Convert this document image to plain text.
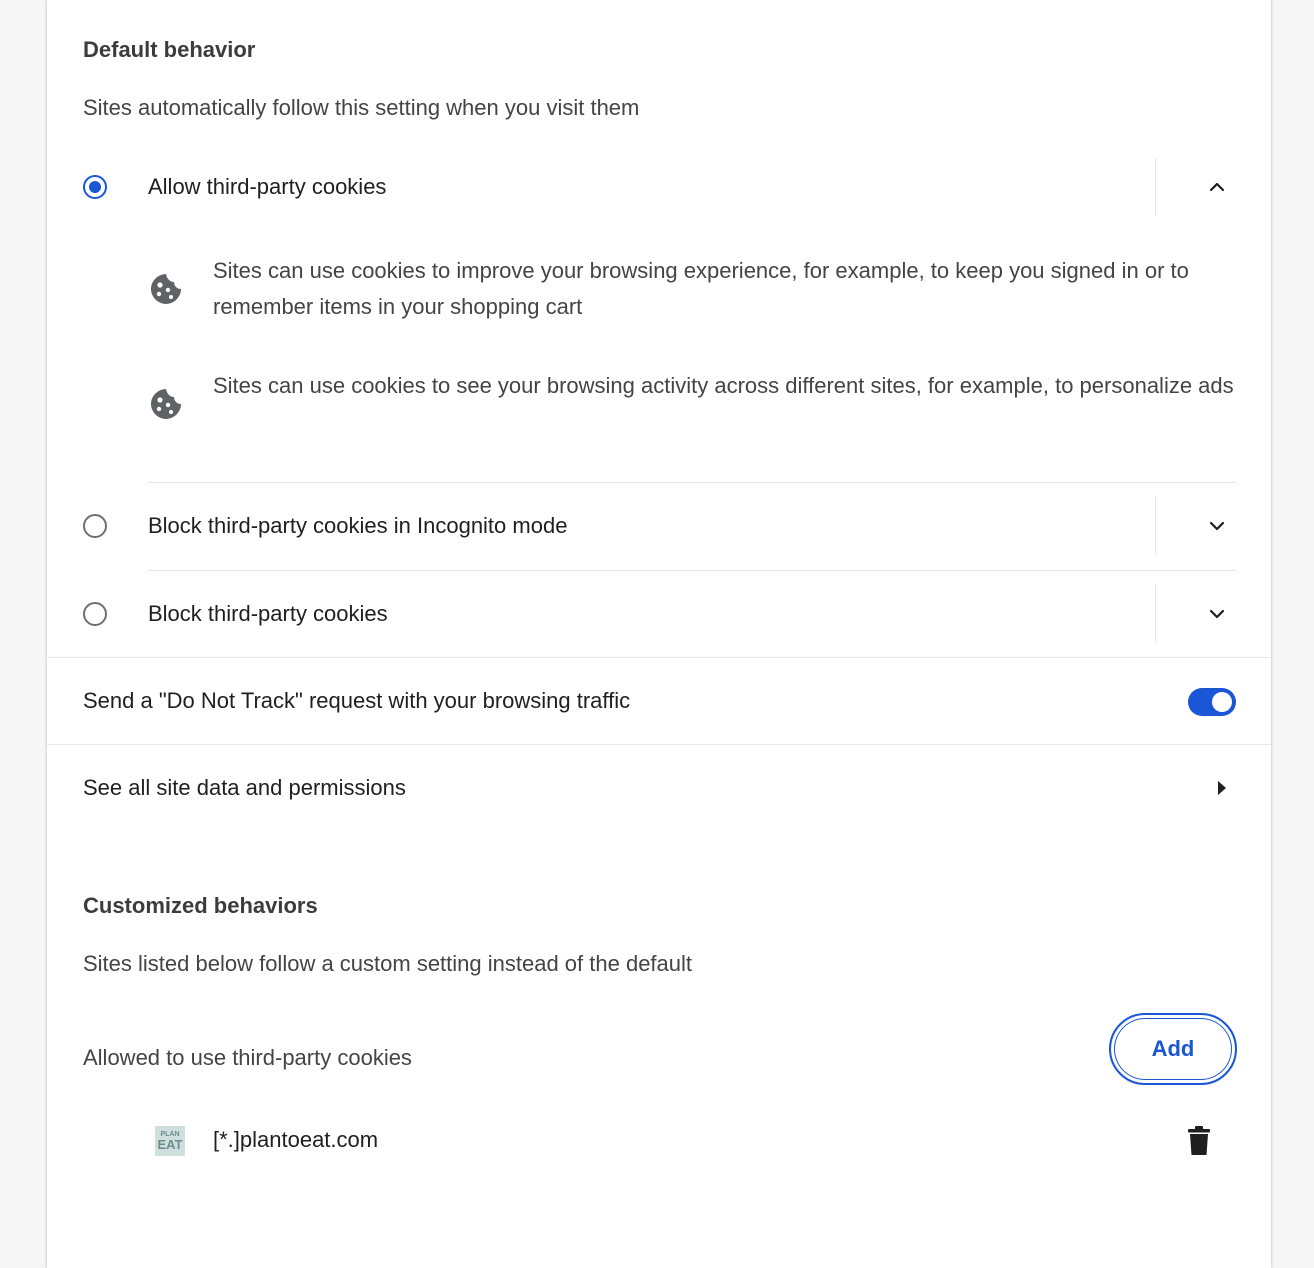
Default behavior
Sites automatically follow this setting when you visit them
Allow third-party cookies
Sites can use cookies to improve your browsing experience, for example, to keep you signed in or to remember items in your shopping cart
Sites can use cookies to see your browsing activity across different sites, for example, to personalize ads
Block third-party cookies in Incognito mode
Block third-party cookies
Send a "Do Not Track" request with your browsing traffic
See all site data and permissions
Customized behaviors
Sites listed below follow a custom setting instead of the default
Allowed to use third-party cookies	Add
PLAN
EAT [*.]plantoeat.com
